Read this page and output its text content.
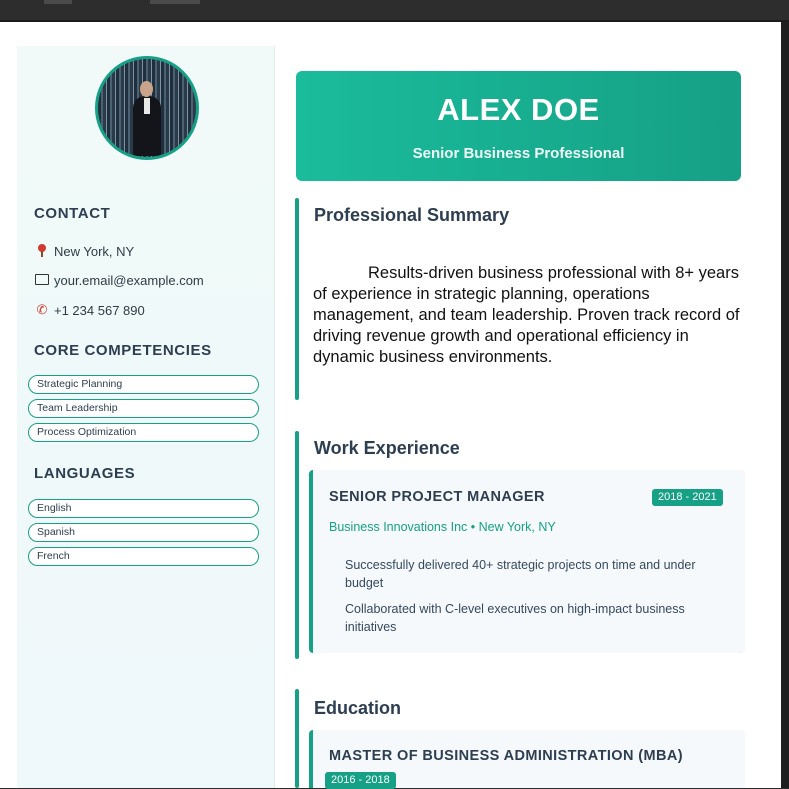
CONTACT
New York, NY
your.email@example.com
✆ +1 234 567 890
CORE COMPETENCIES
Strategic Planning
Team Leadership
Process Optimization
LANGUAGES
English
Spanish
French
ALEX DOE
Senior Business Professional
Professional Summary
Results-driven business professional with 8+ years of experience in strategic planning, operations management, and team leadership. Proven track record of driving revenue growth and operational efficiency in dynamic business environments.
Work Experience
SENIOR PROJECT MANAGER	2018 - 2021
Business Innovations Inc • New York, NY
Successfully delivered 40+ strategic projects on time and under budget
Collaborated with C-level executives on high-impact business initiatives
Education
MASTER OF BUSINESS ADMINISTRATION (MBA)
2016 - 2018
